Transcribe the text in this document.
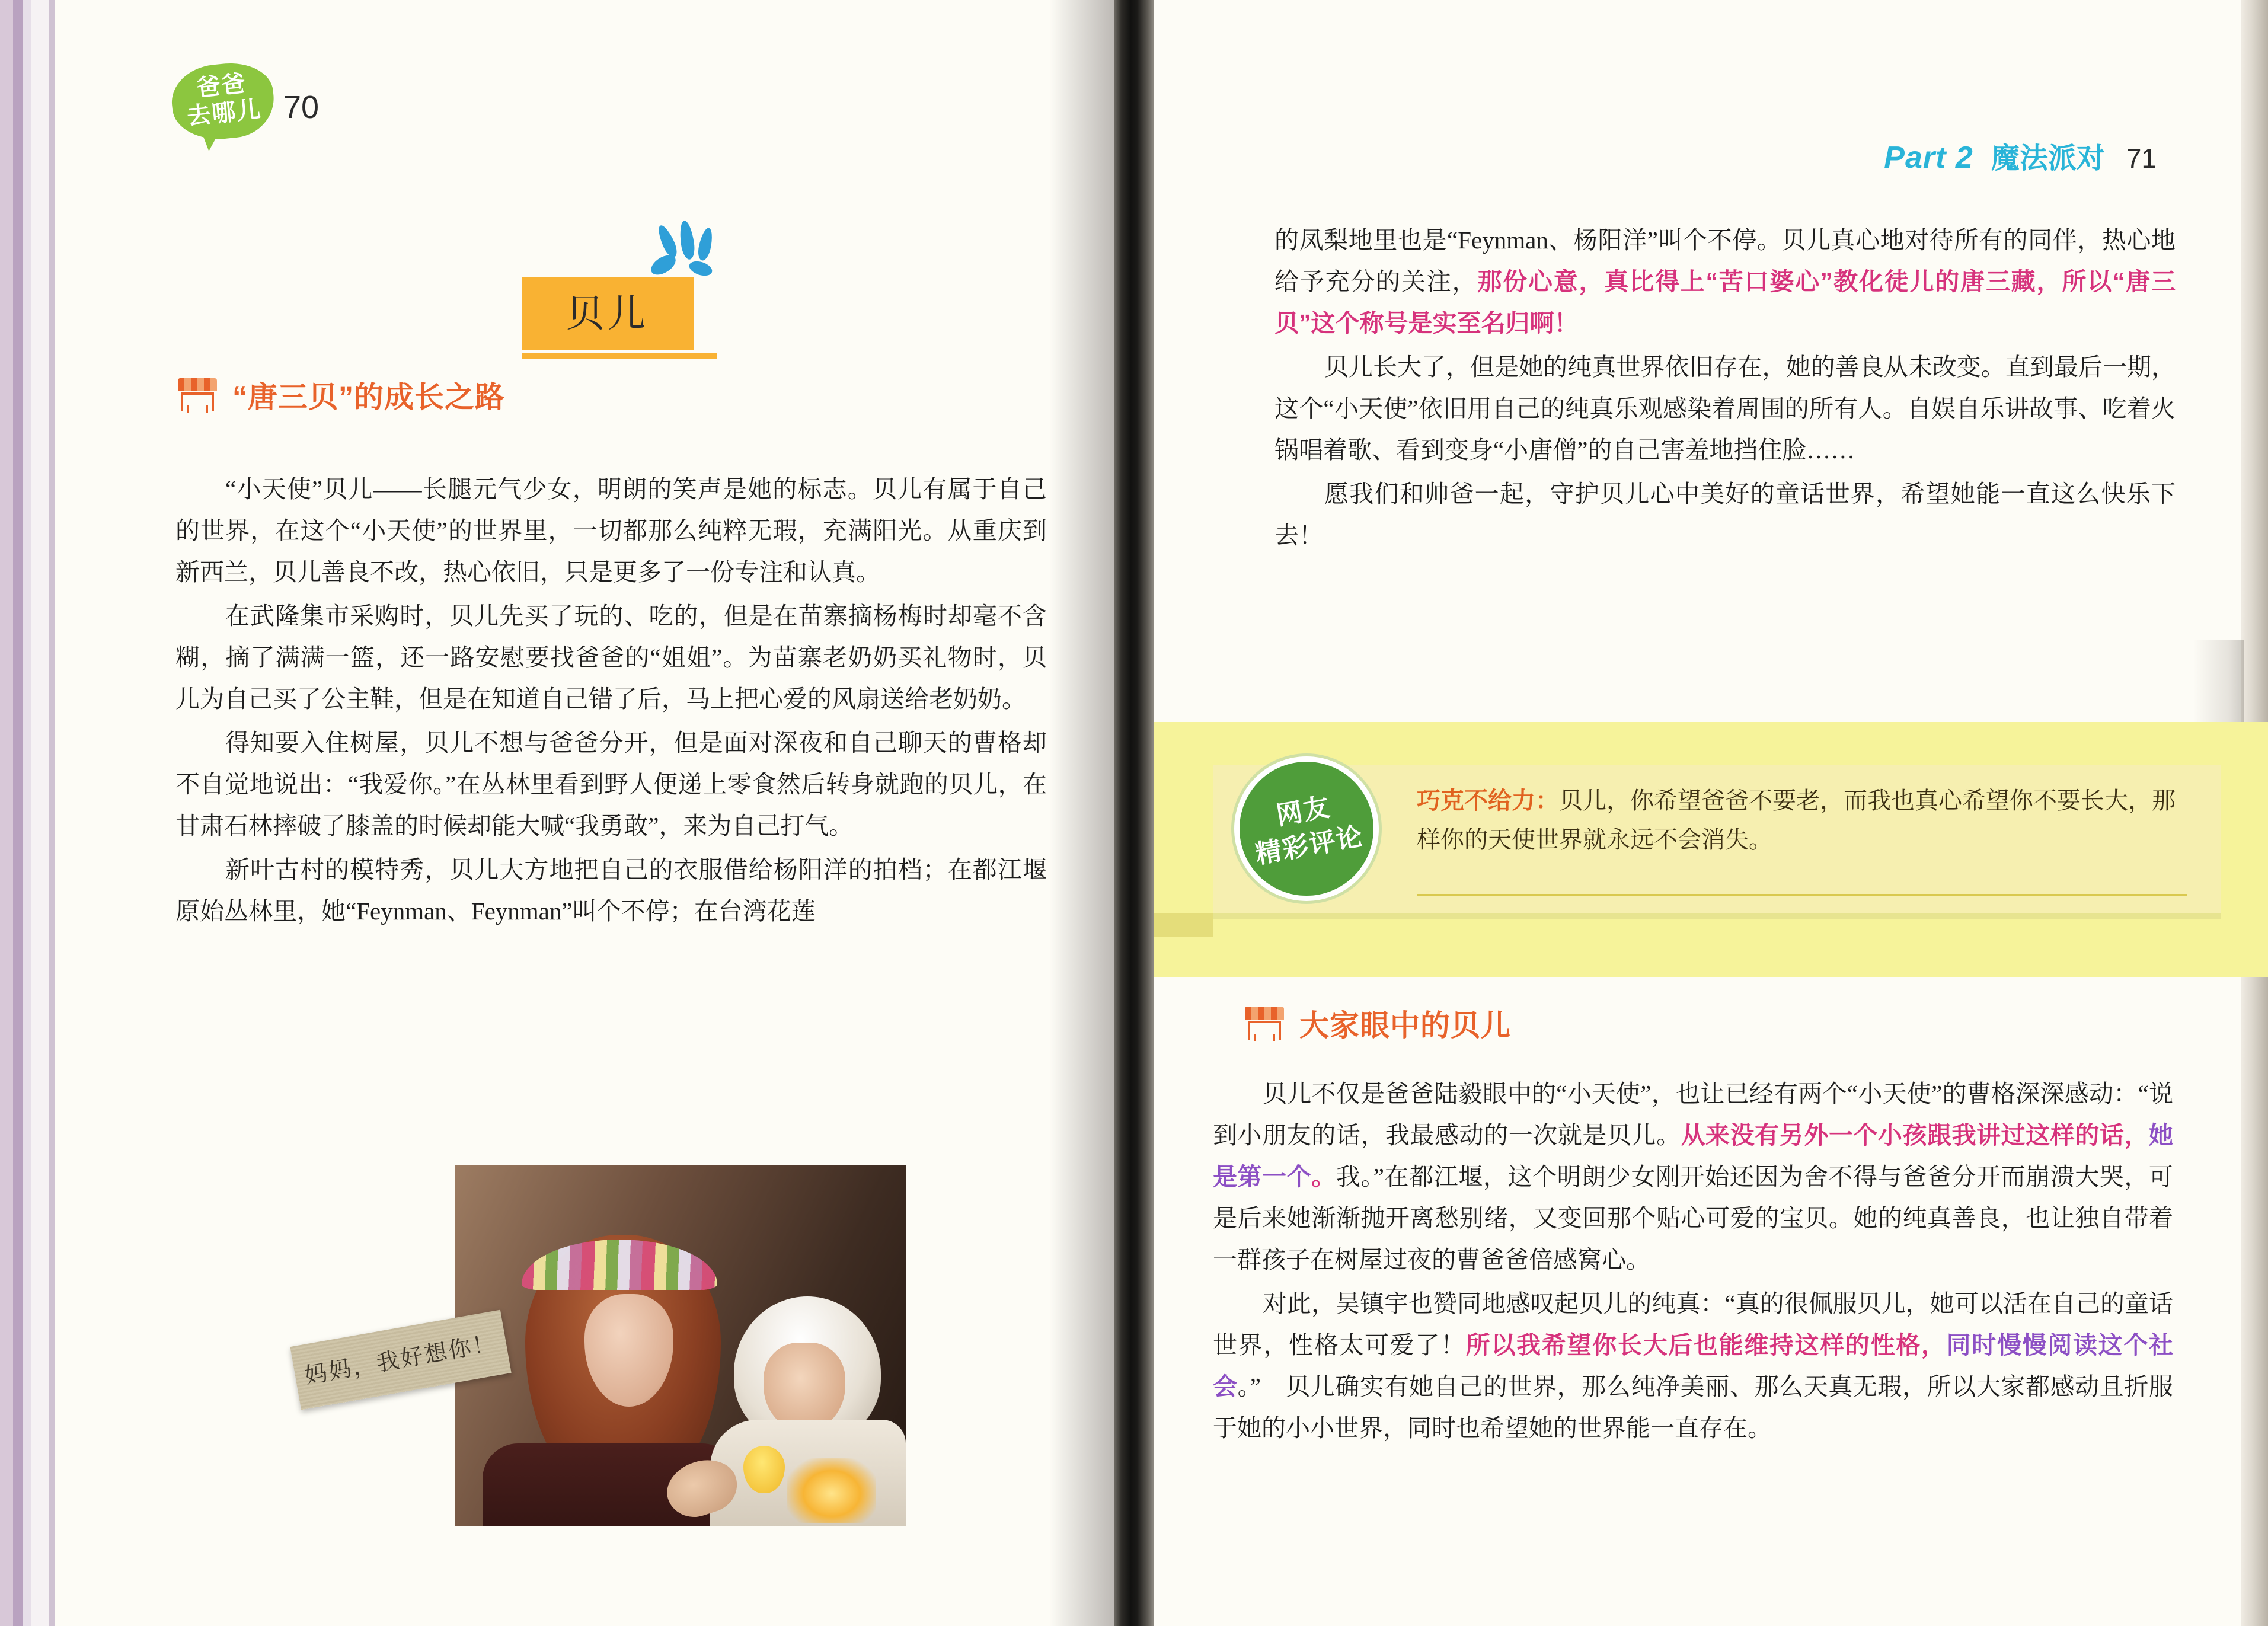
爸爸
去哪儿 70
贝儿
“唐三贝”的成长之路

“小天使”贝儿——长腿元气少女，明朗的笑声是她的标志。贝儿有属于自己的世界，在这个“小天使”的世界里，一切都那么纯粹无瑕，充满阳光。从重庆到新西兰，贝儿善良不改，热心依旧，只是更多了一份专注和认真。

在武隆集市采购时，贝儿先买了玩的、吃的，但是在苗寨摘杨梅时却毫不含糊，摘了满满一篮，还一路安慰要找爸爸的“姐姐”。为苗寨老奶奶买礼物时，贝儿为自己买了公主鞋，但是在知道自己错了后，马上把心爱的风扇送给老奶奶。

得知要入住树屋，贝儿不想与爸爸分开，但是面对深夜和自己聊天的曹格却不自觉地说出：“我爱你。”在丛林里看到野人便递上零食然后转身就跑的贝儿，在甘肃石林摔破了膝盖的时候却能大喊“我勇敢”，来为自己打气。

新叶古村的模特秀，贝儿大方地把自己的衣服借给杨阳洋的拍档；在都江堰原始丛林里，她“Feynman、Feynman”叫个不停；在台湾花莲

妈妈，我好想你！
Part 2 魔法派对 71

的凤梨地里也是“Feynman、杨阳洋”叫个不停。贝儿真心地对待所有的同伴，热心地给予充分的关注，那份心意，真比得上“苦口婆心”教化徒儿的唐三藏，所以“唐三贝”这个称号是实至名归啊！

贝儿长大了，但是她的纯真世界依旧存在，她的善良从未改变。直到最后一期，这个“小天使”依旧用自己的纯真乐观感染着周围的所有人。自娱自乐讲故事、吃着火锅唱着歌、看到变身“小唐僧”的自己害羞地挡住脸……

愿我们和帅爸一起，守护贝儿心中美好的童话世界，希望她能一直这么快乐下去！

网友
精彩评论
巧克不给力：贝儿，你希望爸爸不要老，而我也真心希望你不要长大，那样你的天使世界就永远不会消失。
大家眼中的贝儿

贝儿不仅是爸爸陆毅眼中的“小天使”，也让已经有两个“小天使”的曹格深深感动：“说到小朋友的话，我最感动的一次就是贝儿。从来没有另外一个小孩跟我讲过这样的话，她是第一个。我。”在都江堰，这个明朗少女刚开始还因为舍不得与爸爸分开而崩溃大哭，可是后来她渐渐抛开离愁别绪，又变回那个贴心可爱的宝贝。她的纯真善良，也让独自带着一群孩子在树屋过夜的曹爸爸倍感窝心。

对此，吴镇宇也赞同地感叹起贝儿的纯真：“真的很佩服贝儿，她可以活在自己的童话世界，性格太可爱了！所以我希望你长大后也能维持这样的性格，同时慢慢阅读这个社会。”　贝儿确实有她自己的世界，那么纯净美丽、那么天真无瑕，所以大家都感动且折服于她的小小世界，同时也希望她的世界能一直存在。
